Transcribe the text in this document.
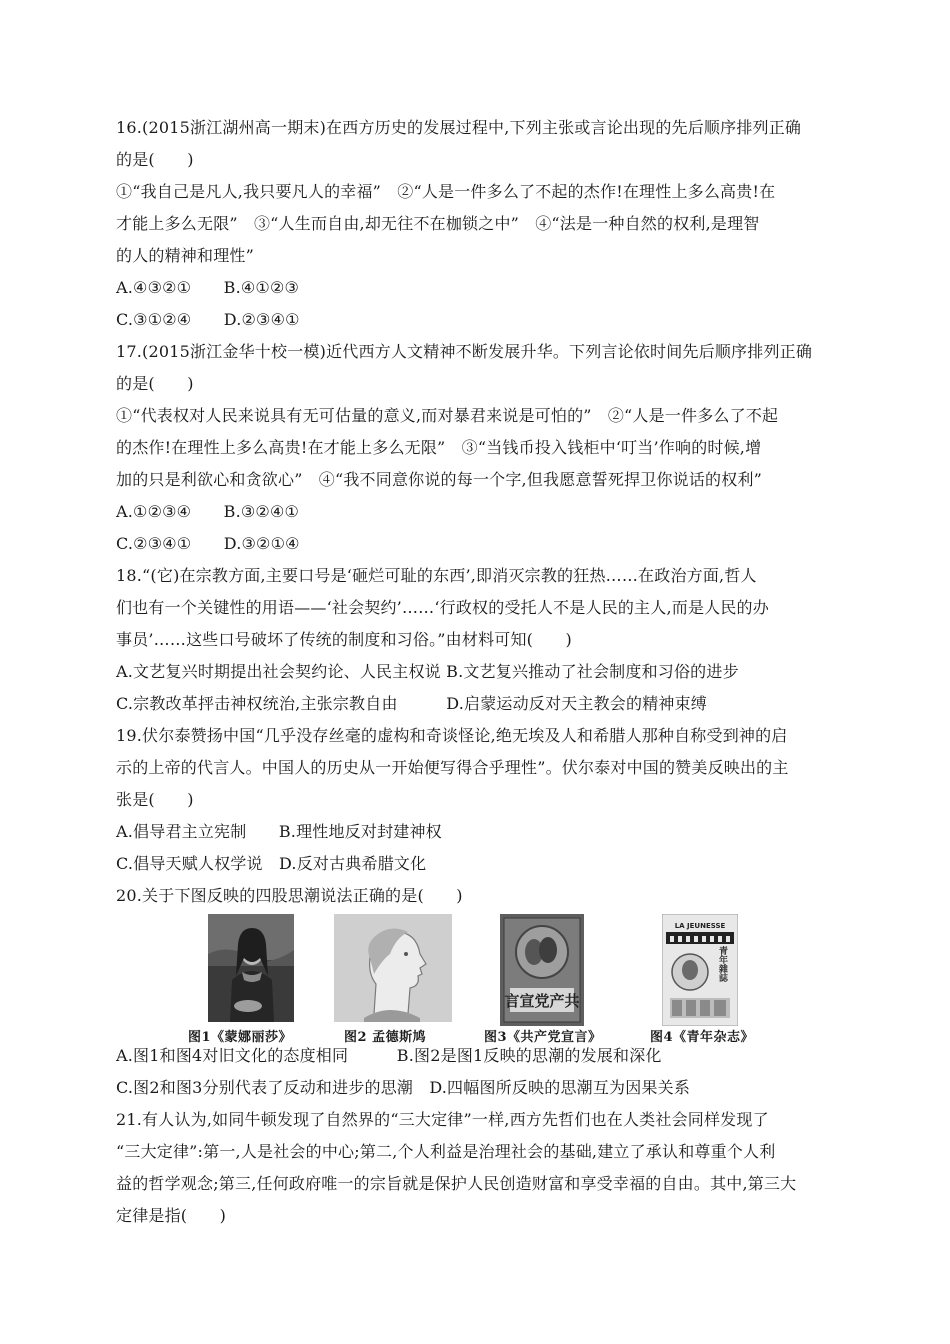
16.(2015浙江湖州高一期末)在西方历史的发展过程中,下列主张或言论出现的先后顺序排列正确
的是(　　)
①“我自己是凡人,我只要凡人的幸福”　②“人是一件多么了不起的杰作!在理性上多么高贵!在
才能上多么无限”　③“人生而自由,却无往不在枷锁之中”　④“法是一种自然的权利,是理智
的人的精神和理性”
A.④③②①　　B.④①②③
C.③①②④　　D.②③④①
17.(2015浙江金华十校一模)近代西方人文精神不断发展升华。下列言论依时间先后顺序排列正确
的是(　　)
①“代表权对人民来说具有无可估量的意义,而对暴君来说是可怕的”　②“人是一件多么了不起
的杰作!在理性上多么高贵!在才能上多么无限”　③“当钱币投入钱柜中‘叮当’作响的时候,增
加的只是利欲心和贪欲心”　④“我不同意你说的每一个字,但我愿意誓死捍卫你说话的权利”
A.①②③④　　B.③②④①
C.②③④①　　D.③②①④
18.“(它)在宗教方面,主要口号是‘砸烂可耻的东西’,即消灭宗教的狂热……在政治方面,哲人
们也有一个关键性的用语——‘社会契约’……‘行政权的受托人不是人民的主人,而是人民的办
事员’……这些口号破坏了传统的制度和习俗。”由材料可知(　　)
A.文艺复兴时期提出社会契约论、人民主权说 B.文艺复兴推动了社会制度和习俗的进步
C.宗教改革抨击神权统治,主张宗教自由　　　D.启蒙运动反对天主教会的精神束缚
19.伏尔泰赞扬中国“几乎没存丝毫的虚构和奇谈怪论,绝无埃及人和希腊人那种自称受到神的启
示的上帝的代言人。中国人的历史从一开始便写得合乎理性”。伏尔泰对中国的赞美反映出的主
张是(　　)
A.倡导君主立宪制　　B.理性地反对封建神权
C.倡导天赋人权学说　D.反对古典希腊文化
20.关于下图反映的四股思潮说法正确的是(　　)
图1《蒙娜丽莎》	图2 孟德斯鸠
言宣党产共
图3《共产党宣言》
LA JEUNESSE
青年雜誌
图4《青年杂志》
A.图1和图4对旧文化的态度相同　　　B.图2是图1反映的思潮的发展和深化
C.图2和图3分别代表了反动和进步的思潮　D.四幅图所反映的思潮互为因果关系
21.有人认为,如同牛顿发现了自然界的“三大定律”一样,西方先哲们也在人类社会同样发现了
“三大定律”:第一,人是社会的中心;第二,个人利益是治理社会的基础,建立了承认和尊重个人利
益的哲学观念;第三,任何政府唯一的宗旨就是保护人民创造财富和享受幸福的自由。其中,第三大
定律是指(　　)
